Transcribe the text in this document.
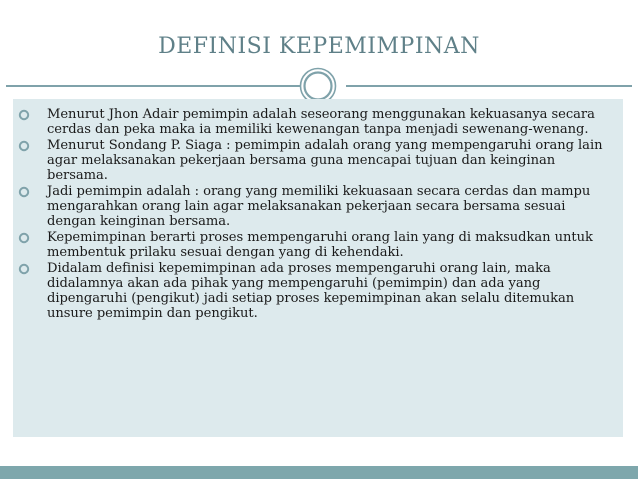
DEFINISI KEPEMIMPINAN
Menurut Jhon Adair pemimpin adalah seseorang menggunakan kekuasanya secara cerdas dan peka maka ia memiliki kewenangan tanpa menjadi sewenang-wenang.
Menurut Sondang P. Siaga : pemimpin adalah orang yang mempengaruhi orang lain agar melaksanakan pekerjaan bersama guna mencapai tujuan dan keinginan bersama.
Jadi pemimpin adalah : orang yang memiliki kekuasaan secara cerdas dan mampu mengarahkan orang lain agar melaksanakan pekerjaan secara bersama sesuai dengan keinginan bersama.
Kepemimpinan berarti proses mempengaruhi orang lain yang di maksudkan untuk membentuk prilaku sesuai dengan yang di kehendaki.
Didalam definisi kepemimpinan ada proses mempengaruhi orang lain, maka didalamnya akan ada pihak yang mempengaruhi (pemimpin) dan ada yang dipengaruhi (pengikut) jadi setiap proses kepemimpinan akan selalu ditemukan unsure pemimpin dan pengikut.
